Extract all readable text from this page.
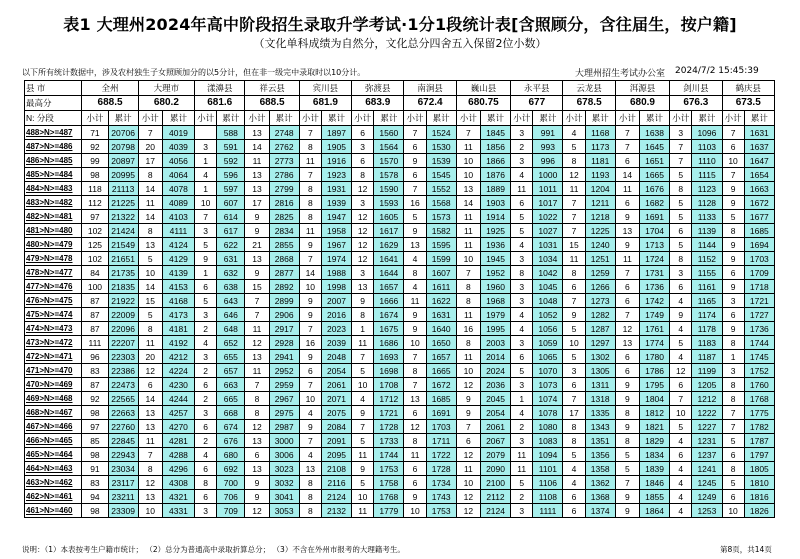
表1 大理州2024年高中阶段招生录取升学考试·1分1段统计表[含照顾分，含往届生，按户籍]
（文化单科成绩为自然分，文化总分四舍五入保留2位小数）
以下所有统计数据中，涉及农村独生子女照顾加分的以5分计，但在非一级完中录取时以10分计。	大理州招生考试办公室 2024/7/2 15:45:39
县 市	全州		大理市		漾濞县		祥云县		宾川县		弥渡县		南涧县		巍山县		永平县		云龙县		洱源县		剑川县		鹤庆县	
最高分	688.5		680.2		681.6		688.5		681.9		683.9		672.4		680.75		677		678.5		680.9		676.3		673.5	
N: 分段	小计	累计	小计	累计	小计	累计	小计	累计	小计	累计	小计	累计	小计	累计	小计	累计	小计	累计	小计	累计	小计	累计	小计	累计	小计	累计
488>N>=487	71	20706	7	4019		588	13	2748	7	1897	6	1560	7	1524	7	1845	3	991	4	1168	7	1638	3	1096	7	1631
487>N>=486	92	20798	20	4039	3	591	14	2762	8	1905	3	1564	6	1530	11	1856	2	993	5	1173	7	1645	7	1103	6	1637
486>N>=485	99	20897	17	4056	1	592	11	2773	11	1916	6	1570	9	1539	10	1866	3	996	8	1181	6	1651	7	1110	10	1647
485>N>=484	98	20995	8	4064	4	596	13	2786	7	1923	8	1578	6	1545	10	1876	4	1000	12	1193	14	1665	5	1115	7	1654
484>N>=483	118	21113	14	4078	1	597	13	2799	8	1931	12	1590	7	1552	13	1889	11	1011	11	1204	11	1676	8	1123	9	1663
483>N>=482	112	21225	11	4089	10	607	17	2816	8	1939	3	1593	16	1568	14	1903	6	1017	7	1211	6	1682	5	1128	9	1672
482>N>=481	97	21322	14	4103	7	614	9	2825	8	1947	12	1605	5	1573	11	1914	5	1022	7	1218	9	1691	5	1133	5	1677
481>N>=480	102	21424	8	4111	3	617	9	2834	11	1958	12	1617	9	1582	11	1925	5	1027	7	1225	13	1704	6	1139	8	1685
480>N>=479	125	21549	13	4124	5	622	21	2855	9	1967	12	1629	13	1595	11	1936	4	1031	15	1240	9	1713	5	1144	9	1694
479>N>=478	102	21651	5	4129	9	631	13	2868	7	1974	12	1641	4	1599	10	1945	3	1034	11	1251	11	1724	8	1152	9	1703
478>N>=477	84	21735	10	4139	1	632	9	2877	14	1988	3	1644	8	1607	7	1952	8	1042	8	1259	7	1731	3	1155	6	1709
477>N>=476	100	21835	14	4153	6	638	15	2892	10	1998	13	1657	4	1611	8	1960	3	1045	6	1266	6	1736	6	1161	9	1718
476>N>=475	87	21922	15	4168	5	643	7	2899	9	2007	9	1666	11	1622	8	1968	3	1048	7	1273	6	1742	4	1165	3	1721
475>N>=474	87	22009	5	4173	3	646	7	2906	9	2016	8	1674	9	1631	11	1979	4	1052	9	1282	7	1749	9	1174	6	1727
474>N>=473	87	22096	8	4181	2	648	11	2917	7	2023	1	1675	9	1640	16	1995	4	1056	5	1287	12	1761	4	1178	9	1736
473>N>=472	111	22207	11	4192	4	652	12	2928	16	2039	11	1686	10	1650	8	2003	3	1059	10	1297	13	1774	5	1183	8	1744
472>N>=471	96	22303	20	4212	3	655	13	2941	9	2048	7	1693	7	1657	11	2014	6	1065	5	1302	6	1780	4	1187	1	1745
471>N>=470	83	22386	12	4224	2	657	11	2952	6	2054	5	1698	8	1665	10	2024	5	1070	3	1305	6	1786	12	1199	3	1752
470>N>=469	87	22473	6	4230	6	663	7	2959	7	2061	10	1708	7	1672	12	2036	3	1073	6	1311	9	1795	6	1205	8	1760
469>N>=468	92	22565	14	4244	2	665	8	2967	10	2071	4	1712	13	1685	9	2045	1	1074	7	1318	9	1804	7	1212	8	1768
468>N>=467	98	22663	13	4257	3	668	8	2975	4	2075	9	1721	6	1691	9	2054	4	1078	17	1335	8	1812	10	1222	7	1775
467>N>=466	97	22760	13	4270	6	674	12	2987	9	2084	7	1728	12	1703	7	2061	2	1080	8	1343	9	1821	5	1227	7	1782
466>N>=465	85	22845	11	4281	2	676	13	3000	7	2091	5	1733	8	1711	6	2067	3	1083	8	1351	8	1829	4	1231	5	1787
465>N>=464	98	22943	7	4288	4	680	6	3006	4	2095	11	1744	11	1722	12	2079	11	1094	5	1356	5	1834	6	1237	6	1797
464>N>=463	91	23034	8	4296	6	692	13	3023	13	2108	9	1753	6	1728	11	2090	11	1101	4	1358	5	1839	4	1241	8	1805
463>N>=462	83	23117	12	4308	8	700	9	3032	8	2116	5	1758	6	1734	10	2100	5	1106	4	1362	7	1846	4	1245	5	1810
462>N>=461	94	23211	13	4321	6	706	9	3041	8	2124	10	1768	9	1743	12	2112	2	1108	6	1368	9	1855	4	1249	6	1816
461>N>=460	98	23309	10	4331	3	709	12	3053	8	2132	11	1779	10	1753	12	2124	3	1111	6	1374	9	1864	4	1253	10	1826
说明：（1）本表按考生户籍市统计； （2）总分为普通高中录取折算总分； （3）不含在外州市报考的大理籍考生。	第8页，共14页
